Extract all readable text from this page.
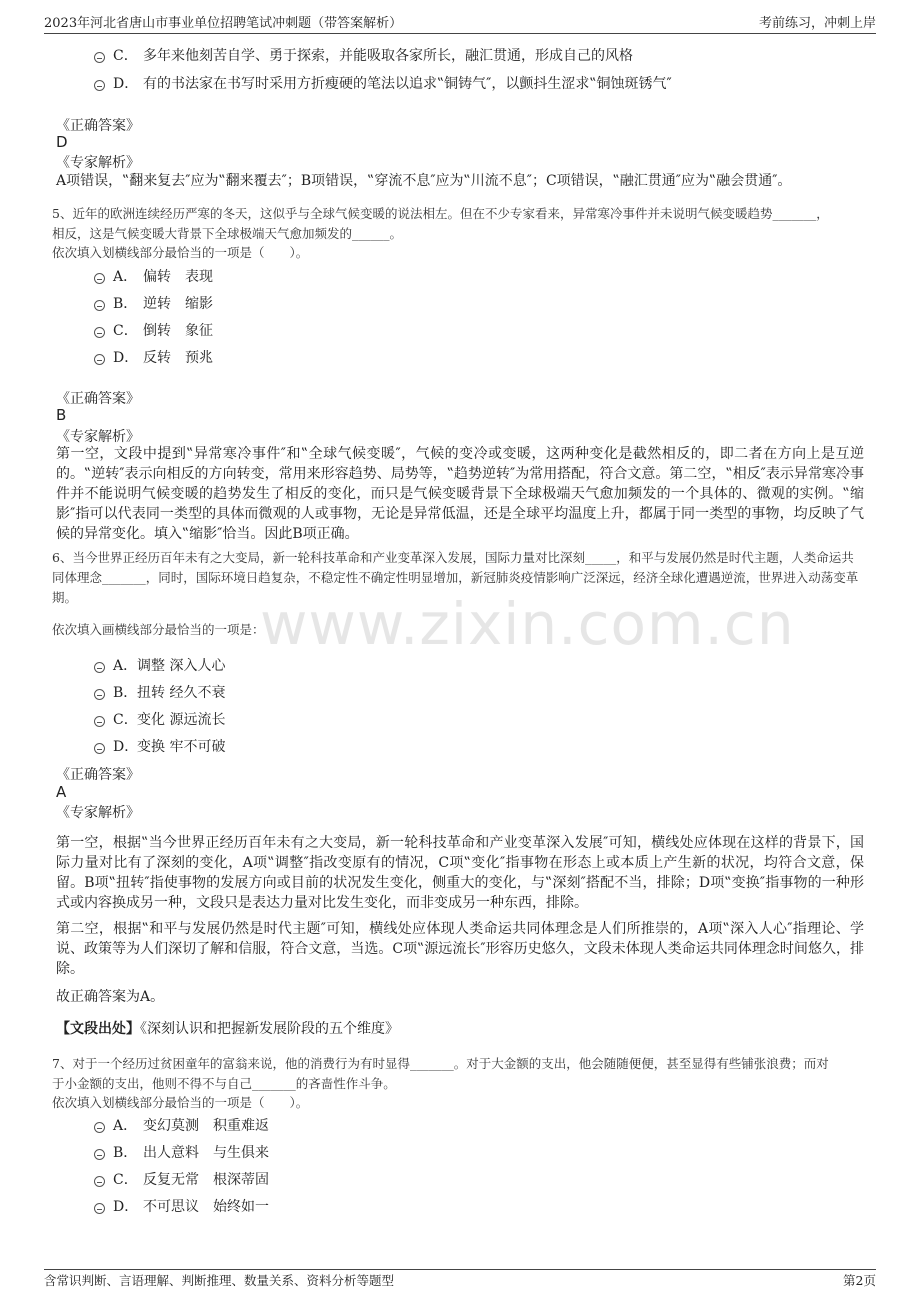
2023年河北省唐山市事业单位招聘笔试冲刺题（带答案解析）	考前练习，冲刺上岸
www.zixin.com.cn
C． 多年来他刻苦自学、勇于探索，并能吸取各家所长，融汇贯通，形成自己的风格
D． 有的书法家在书写时采用方折瘦硬的笔法以追求‟铜铸气″，以颤抖生涩求‟铜蚀斑锈气″
《正确答案》
D
《专家解析》
A项错误，‟翻来复去″应为‟翻来覆去″；B项错误，‟穿流不息″应为‟川流不息″；C项错误，‟融汇贯通″应为‟融会贯通″。
5、近年的欧洲连续经历严寒的冬天，这似乎与全球气候变暖的说法相左。但在不少专家看来，异常寒冷事件并未说明气候变暖趋势_______，
相反，这是气候变暖大背景下全球极端天气愈加频发的______。
依次填入划横线部分最恰当的一项是（　　）。
A． 偏转　表现
B． 逆转　缩影
C． 倒转　象征
D． 反转　预兆
《正确答案》
B
《专家解析》
第一空，文段中提到‟异常寒冷事件″和‟全球气候变暖″，气候的变冷或变暖，这两种变化是截然相反的，即二者在方向上是互逆的。‟逆转″表示向相反的方向转变，常用来形容趋势、局势等，‟趋势逆转″为常用搭配，符合文意。第二空，‟相反″表示异常寒冷事件并不能说明气候变暖的趋势发生了相反的变化，而只是气候变暖背景下全球极端天气愈加频发的一个具体的、微观的实例。‟缩影″指可以代表同一类型的具体而微观的人或事物，无论是异常低温，还是全球平均温度上升，都属于同一类型的事物，均反映了气候的异常变化。填入‟缩影″恰当。因此B项正确。
6、当今世界正经历百年未有之大变局，新一轮科技革命和产业变革深入发展，国际力量对比深刻_____，和平与发展仍然是时代主题，人类命运共同体理念_______，同时，国际环境日趋复杂，不稳定性不确定性明显增加，新冠肺炎疫情影响广泛深远，经济全球化遭遇逆流，世界进入动荡变革期。
依次填入画横线部分最恰当的一项是：
A． 调整 深入人心
B． 扭转 经久不衰
C． 变化 源远流长
D．
变换 牢不可破
《正确答案》
A
《专家解析》
第一空，根据‟当今世界正经历百年未有之大变局，新一轮科技革命和产业变革深入发展″可知，横线处应体现在这样的背景下，国际力量对比有了深刻的变化，A项‟调整″指改变原有的情况，C项‟变化″指事物在形态上或本质上产生新的状况，均符合文意，保留。B项‟扭转″指使事物的发展方向或目前的状况发生变化，侧重大的变化，与‟深刻″搭配不当，排除；D项‟变换″指事物的一种形式或内容换成另一种，文段只是表达力量对比发生变化，而非变成另一种东西，排除。
第二空，根据‟和平与发展仍然是时代主题″可知，横线处应体现人类命运共同体理念是人们所推崇的，A项‟深入人心″指理论、学说、政策等为人们深切了解和信服，符合文意，当选。C项‟源远流长″形容历史悠久，文段未体现人类命运共同体理念时间悠久，排除。
故正确答案为A。
【文段出处】《深刻认识和把握新发展阶段的五个维度》
7、对于一个经历过贫困童年的富翁来说，他的消费行为有时显得_______。对于大金额的支出，他会随随便便，甚至显得有些铺张浪费；而对
于小金额的支出，他则不得不与自己_______的吝啬性作斗争。
依次填入划横线部分最恰当的一项是（　　）。
A． 变幻莫测　积重难返
B． 出人意料　与生俱来
C． 反复无常　根深蒂固
D． 不可思议　始终如一
含常识判断、言语理解、判断推理、数量关系、资料分析等题型	第2页
